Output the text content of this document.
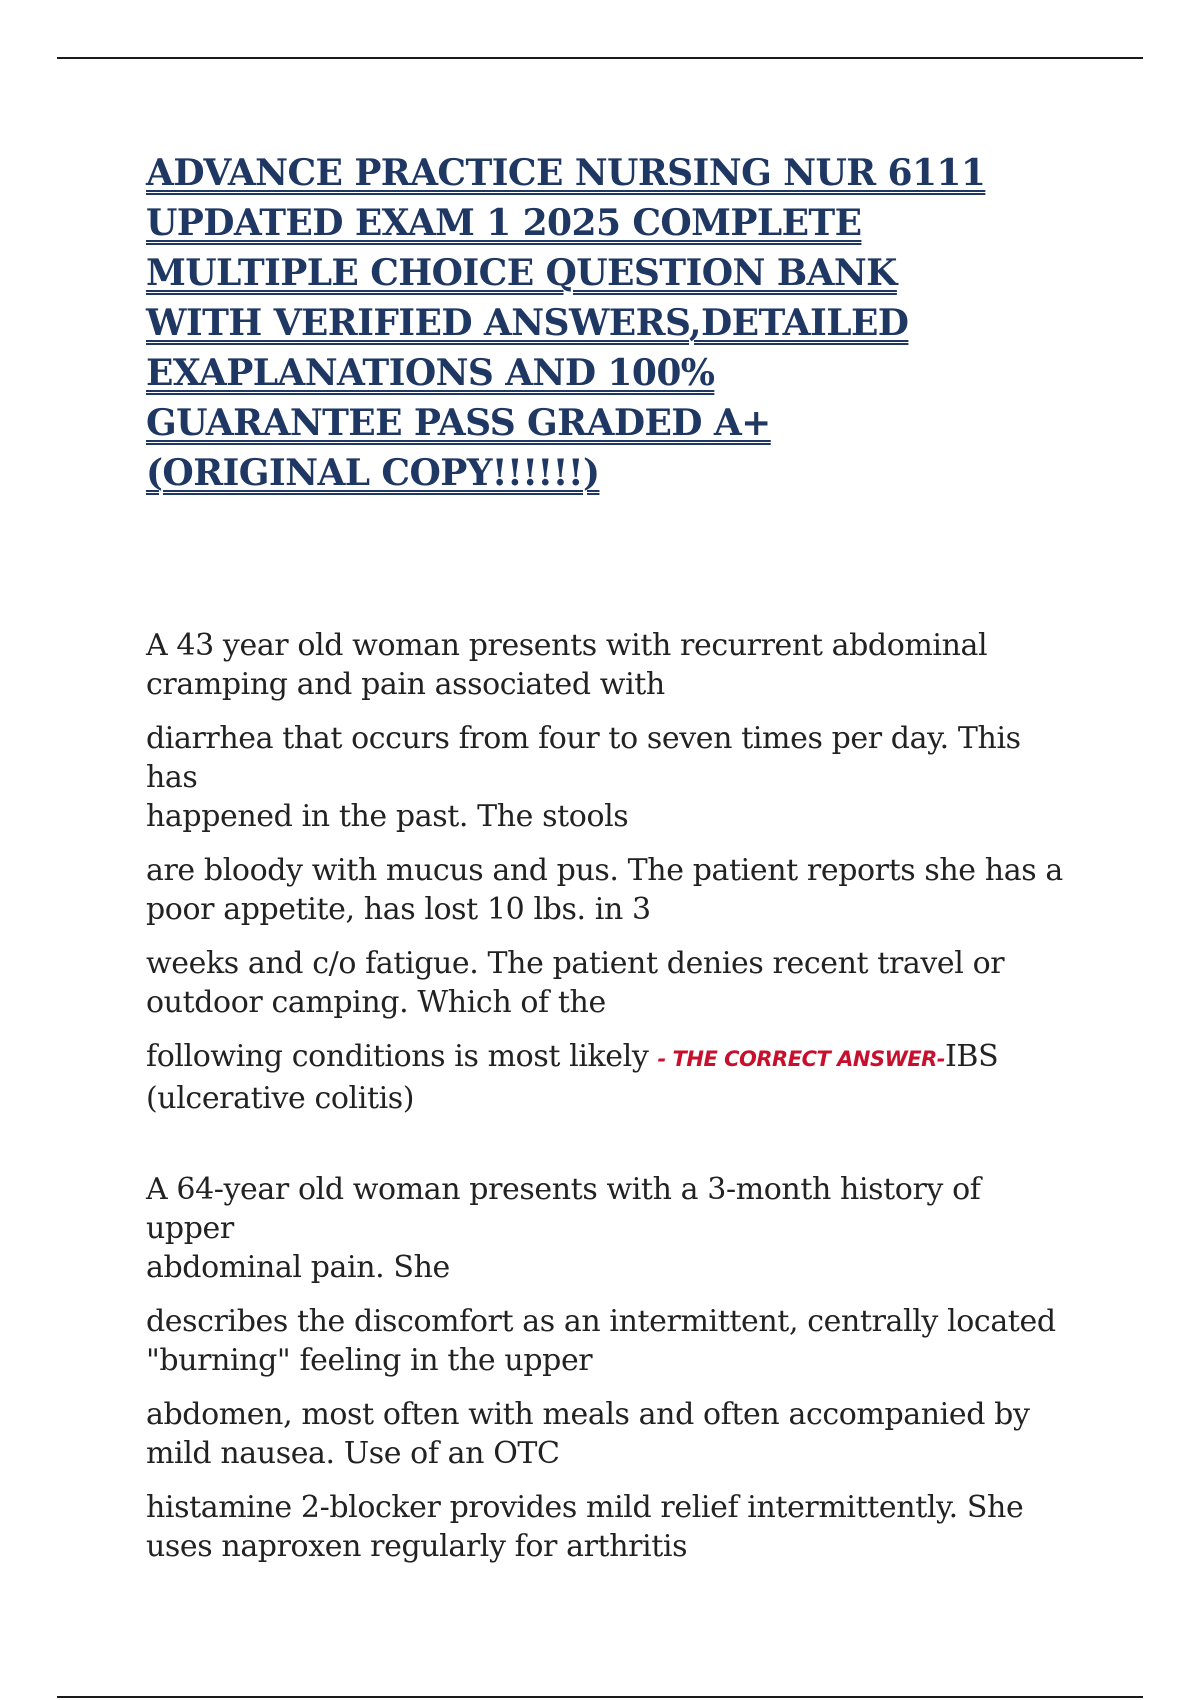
ADVANCE PRACTICE NURSING NUR 6111
UPDATED EXAM 1 2025 COMPLETE
MULTIPLE CHOICE QUESTION BANK
WITH VERIFIED ANSWERS,DETAILED
EXAPLANATIONS AND 100%
GUARANTEE PASS GRADED A+
(ORIGINAL COPY!!!!!!)

A 43 year old woman presents with recurrent abdominal
cramping and pain associated with

diarrhea that occurs from four to seven times per day. This has
happened in the past. The stools

are bloody with mucus and pus. The patient reports she has a
poor appetite, has lost 10 lbs. in 3

weeks and c/o fatigue. The patient denies recent travel or
outdoor camping. Which of the

following conditions is most likely - THE CORRECT ANSWER-IBS
(ulcerative colitis)

A 64-year old woman presents with a 3-month history of upper
abdominal pain. She

describes the discomfort as an intermittent, centrally located
"burning" feeling in the upper

abdomen, most often with meals and often accompanied by
mild nausea. Use of an OTC

histamine 2-blocker provides mild relief intermittently. She
uses naproxen regularly for arthritis
